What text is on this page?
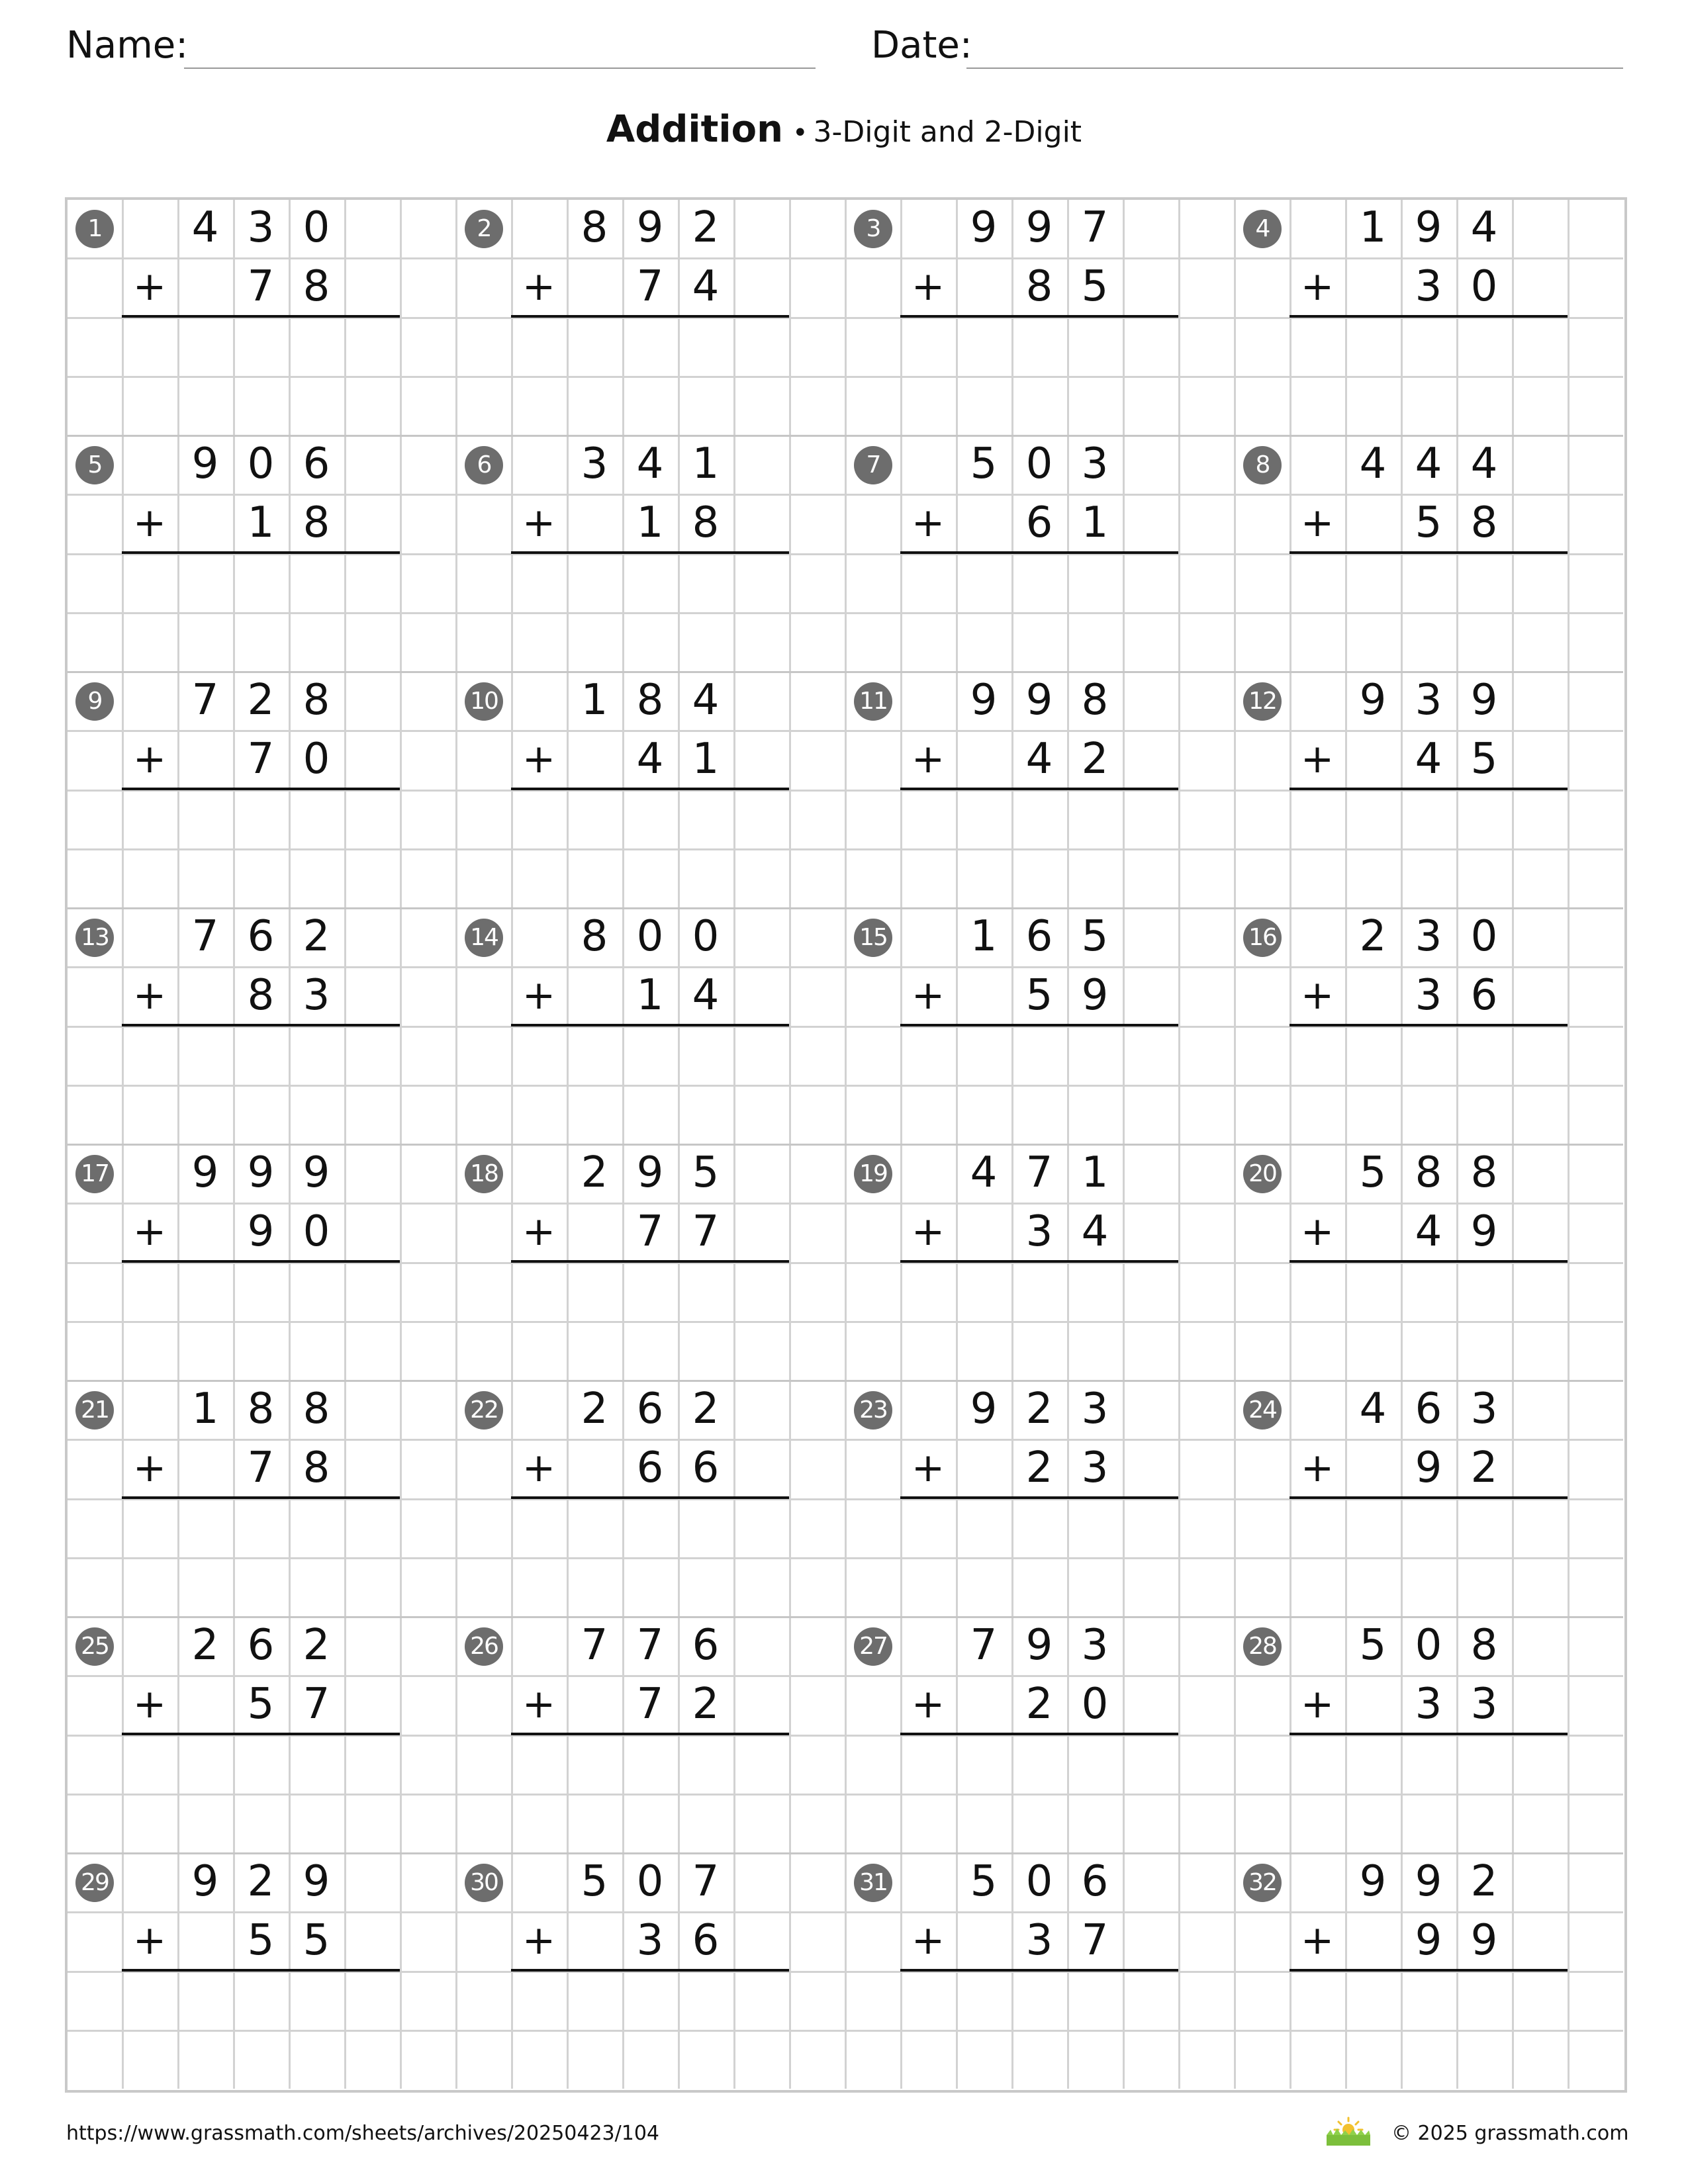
Name:	Date:
Addition • 3-Digit and 2-Digit
1	4 3 0
+	7 8
2	8 9 2
+	7 4
3	9 9 7
+	8 5
4	1 9 4
+	3 0
5	9 0 6
+	1 8
6	3 4 1
+	1 8
7	5 0 3
+	6 1
8	4 4 4
+	5 8
9	7 2 8
+	7 0
10	1 8 4
+	4 1
11	9 9 8
+	4 2
12	9 3 9
+	4 5
13	7 6 2
+	8 3
14	8 0 0
+	1 4
15	1 6 5
+	5 9
16	2 3 0
+	3 6
17	9 9 9
+	9 0
18	2 9 5
+	7 7
19	4 7 1
+	3 4
20	5 8 8
+	4 9
21	1 8 8
+	7 8
22	2 6 2
+	6 6
23	9 2 3
+	2 3
24	4 6 3
+	9 2
25	2 6 2
+	5 7
26	7 7 6
+	7 2
27	7 9 3
+	2 0
28	5 0 8
+	3 3
29	9 2 9
+	5 5
30	5 0 7
+	3 6
31	5 0 6
+	3 7
32	9 9 2
+	9 9
https://www.grassmath.com/sheets/archives/20250423/104	© 2025 grassmath.com
